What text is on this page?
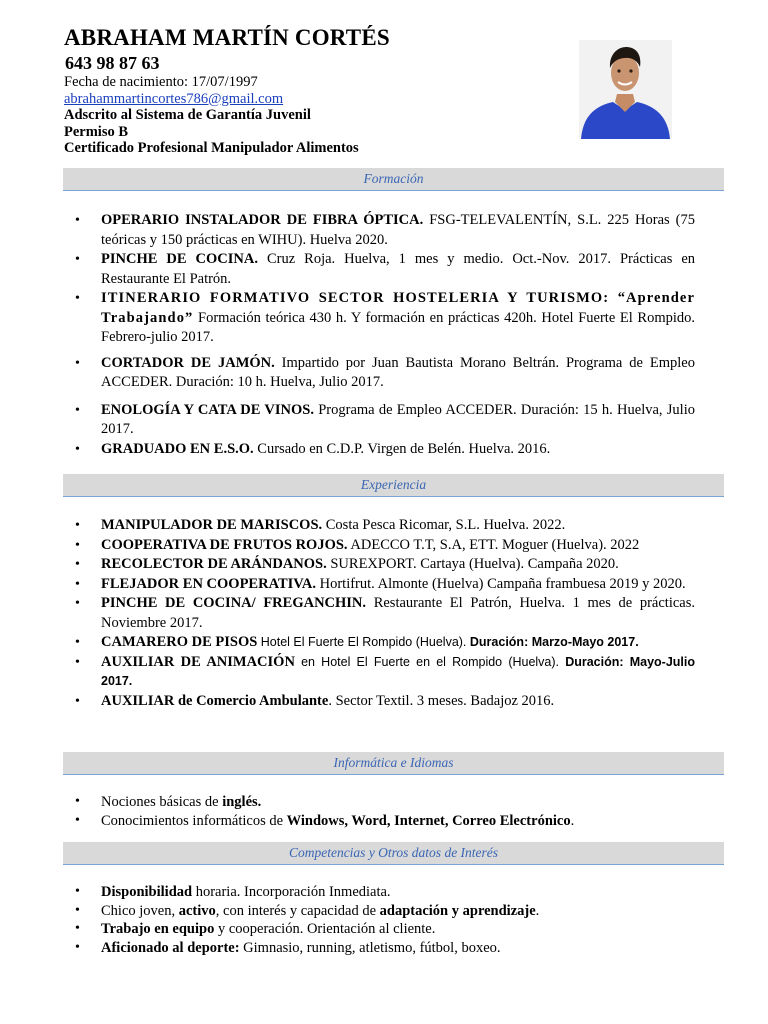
ABRAHAM MARTÍN CORTÉS
643 98 87 63
Fecha de nacimiento: 17/07/1997
abrahammartincortes786@gmail.com
Adscrito al Sistema de Garantía Juvenil
Permiso B
Certificado Profesional Manipulador Alimentos
Formación
• OPERARIO INSTALADOR DE FIBRA ÓPTICA. FSG-TELEVALENTÍN, S.L. 225 Horas (75 teóricas y 150 prácticas en WIHU). Huelva 2020.
• PINCHE DE COCINA. Cruz Roja. Huelva, 1 mes y medio. Oct.-Nov. 2017. Prácticas en Restaurante El Patrón.
• ITINERARIO FORMATIVO SECTOR HOSTELERIA Y TURISMO: “Aprender Trabajando” Formación teórica 430 h. Y formación en prácticas 420h. Hotel Fuerte El Rompido. Febrero-julio 2017.
• CORTADOR DE JAMÓN. Impartido por Juan Bautista Morano Beltrán. Programa de Empleo ACCEDER. Duración: 10 h. Huelva, Julio 2017.
• ENOLOGÍA Y CATA DE VINOS. Programa de Empleo ACCEDER. Duración: 15 h. Huelva, Julio 2017.
• GRADUADO EN E.S.O. Cursado en C.D.P. Virgen de Belén. Huelva. 2016.
Experiencia
• MANIPULADOR DE MARISCOS. Costa Pesca Ricomar, S.L. Huelva. 2022.
• COOPERATIVA DE FRUTOS ROJOS. ADECCO T.T, S.A, ETT. Moguer (Huelva). 2022
• RECOLECTOR DE ARÁNDANOS. SUREXPORT. Cartaya (Huelva). Campaña 2020.
• FLEJADOR EN COOPERATIVA. Hortifrut. Almonte (Huelva) Campaña frambuesa 2019 y 2020.
• PINCHE DE COCINA/ FREGANCHIN. Restaurante El Patrón, Huelva. 1 mes de prácticas. Noviembre 2017.
• CAMARERO DE PISOS Hotel El Fuerte El Rompido (Huelva). Duración: Marzo-Mayo 2017.
• AUXILIAR DE ANIMACIÓN en Hotel El Fuerte en el Rompido (Huelva). Duración: Mayo-Julio 2017.
• AUXILIAR de Comercio Ambulante. Sector Textil. 3 meses. Badajoz 2016.
Informática e Idiomas
• Nociones básicas de inglés.
• Conocimientos informáticos de Windows, Word, Internet, Correo Electrónico.
Competencias y Otros datos de Interés
• Disponibilidad horaria. Incorporación Inmediata.
• Chico joven, activo, con interés y capacidad de adaptación y aprendizaje.
• Trabajo en equipo y cooperación. Orientación al cliente.
• Aficionado al deporte: Gimnasio, running, atletismo, fútbol, boxeo.
